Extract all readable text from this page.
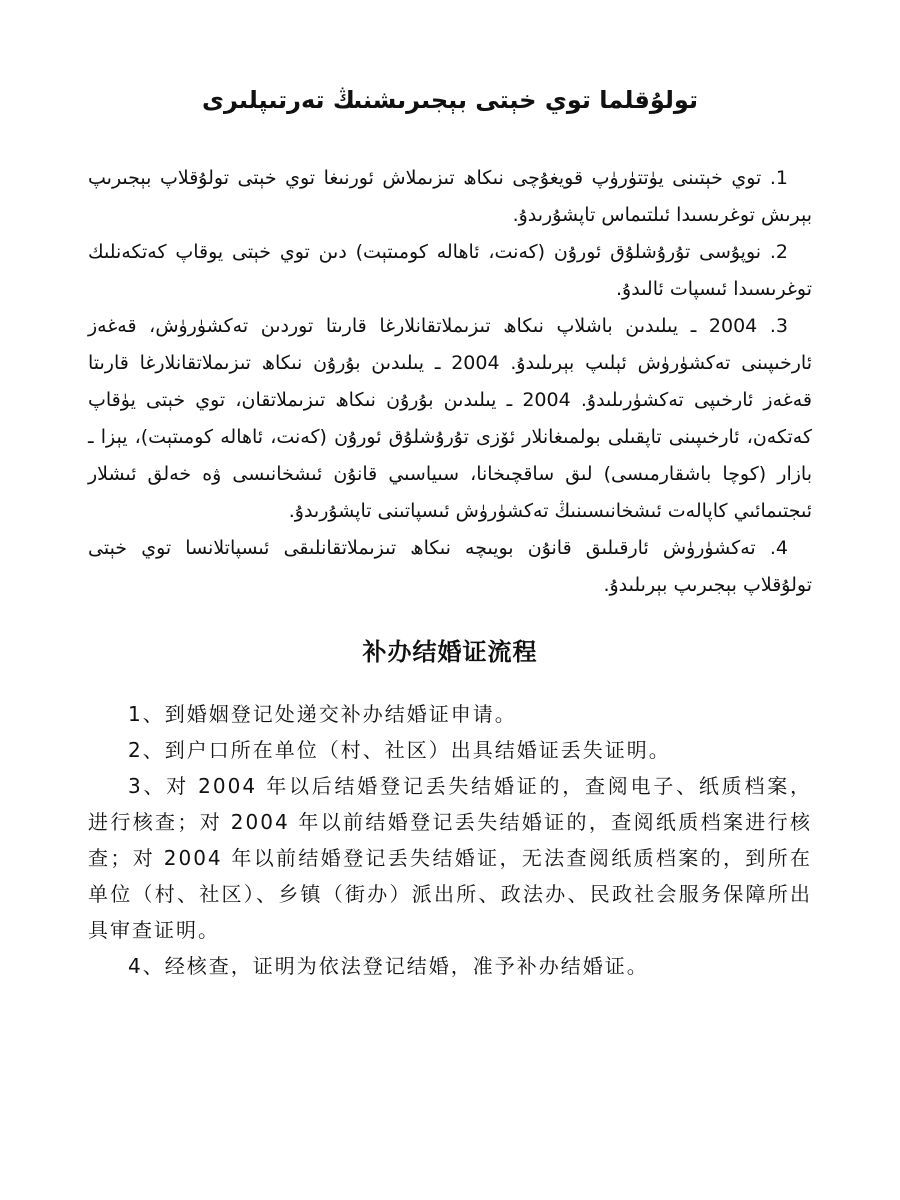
تولۇقلما توي خېتى بېجىرىشنىڭ تەرتىپلىرى

1. توي خېتىنى يۈتتۈرۈپ قويغۇچى نىكاھ تىزىملاش ئورنىغا توي خېتى تولۇقلاپ بېجىرىپ بېرىش توغرىسىدا ئىلتىماس تاپشۇرىدۇ.

2. نوپۇسى تۇرۇشلۇق ئورۇن (كەنت، ئاھالە كومىتېت) دىن توي خېتى يوقاپ كەتكەنلىك توغرىسىدا ئىسپات ئالىدۇ.

3. 2004 ـ يىلىدىن باشلاپ نىكاھ تىزىملاتقانلارغا قارىتا توردىن تەكشۈرۈش، قەغەز ئارخىپىنى تەكشۈرۈش ئېلىپ بېرىلىدۇ. 2004 ـ يىلىدىن بۇرۇن نىكاھ تىزىملاتقانلارغا قارىتا قەغەز ئارخىپى تەكشۈرىلىدۇ. 2004 ـ يىلىدىن بۇرۇن نىكاھ تىزىملاتقان، توي خېتى يۈقاپ كەتكەن، ئارخىپىنى تاپقىلى بولمىغانلار ئۆزى تۇرۇشلۇق ئورۇن (كەنت، ئاھالە كومىتېت)، يېزا ـ بازار (كوچا باشقارمىسى) لىق ساقچىخانا، سىياسىي قانۇن ئىشخانىسى ۋە خەلق ئىشلار ئىجتىمائىي كاپالەت ئىشخانىسىنىڭ تەكشۈرۈش ئىسپاتىنى تاپشۇرىدۇ.

4. تەكشۈرۈش ئارقىلىق قانۇن بويىچە نىكاھ تىزىملاتقانلىقى ئىسپاتلانسا توي خېتى تولۇقلاپ بېجىرىپ بېرىلىدۇ.

补办结婚证流程

1、到婚姻登记处递交补办结婚证申请。

2、到户口所在单位（村、社区）出具结婚证丢失证明。

3、对 2004 年以后结婚登记丢失结婚证的，查阅电子、纸质档案，进行核查；对 2004 年以前结婚登记丢失结婚证的，查阅纸质档案进行核查；对 2004 年以前结婚登记丢失结婚证，无法查阅纸质档案的，到所在单位（村、社区）、乡镇（街办）派出所、政法办、民政社会服务保障所出具审查证明。

4、经核查，证明为依法登记结婚，准予补办结婚证。
